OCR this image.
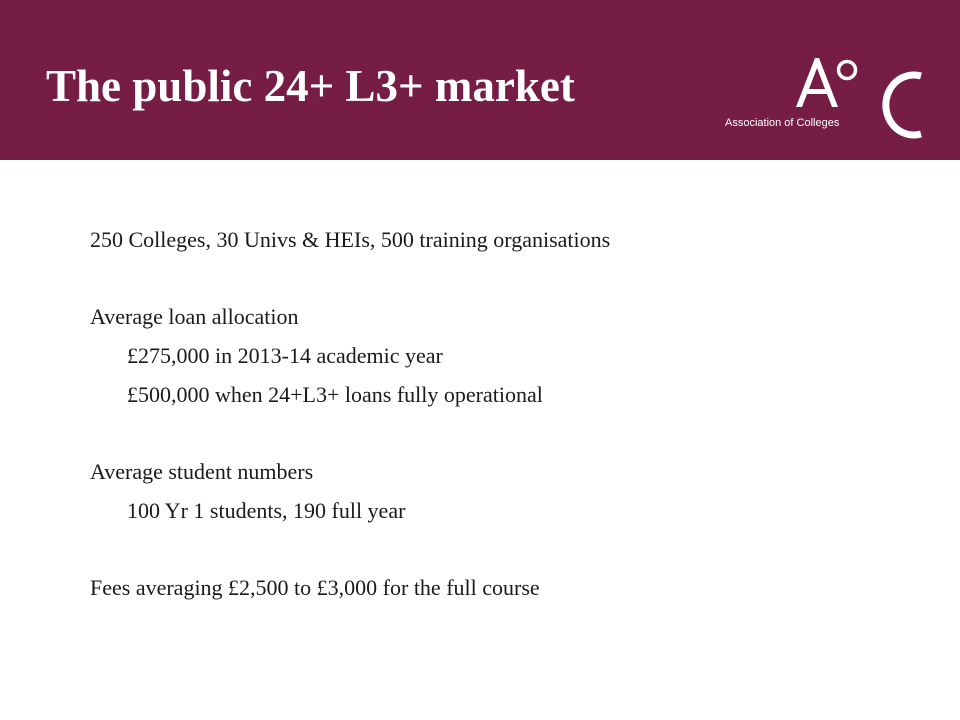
The public 24+ L3+ market
Association of Colleges
250 Colleges, 30 Univs & HEIs, 500 training organisations
Average loan allocation
£275,000 in 2013-14 academic year
£500,000 when 24+L3+ loans fully operational
Average student numbers
100 Yr 1 students, 190 full year
Fees averaging £2,500 to £3,000 for the full course
